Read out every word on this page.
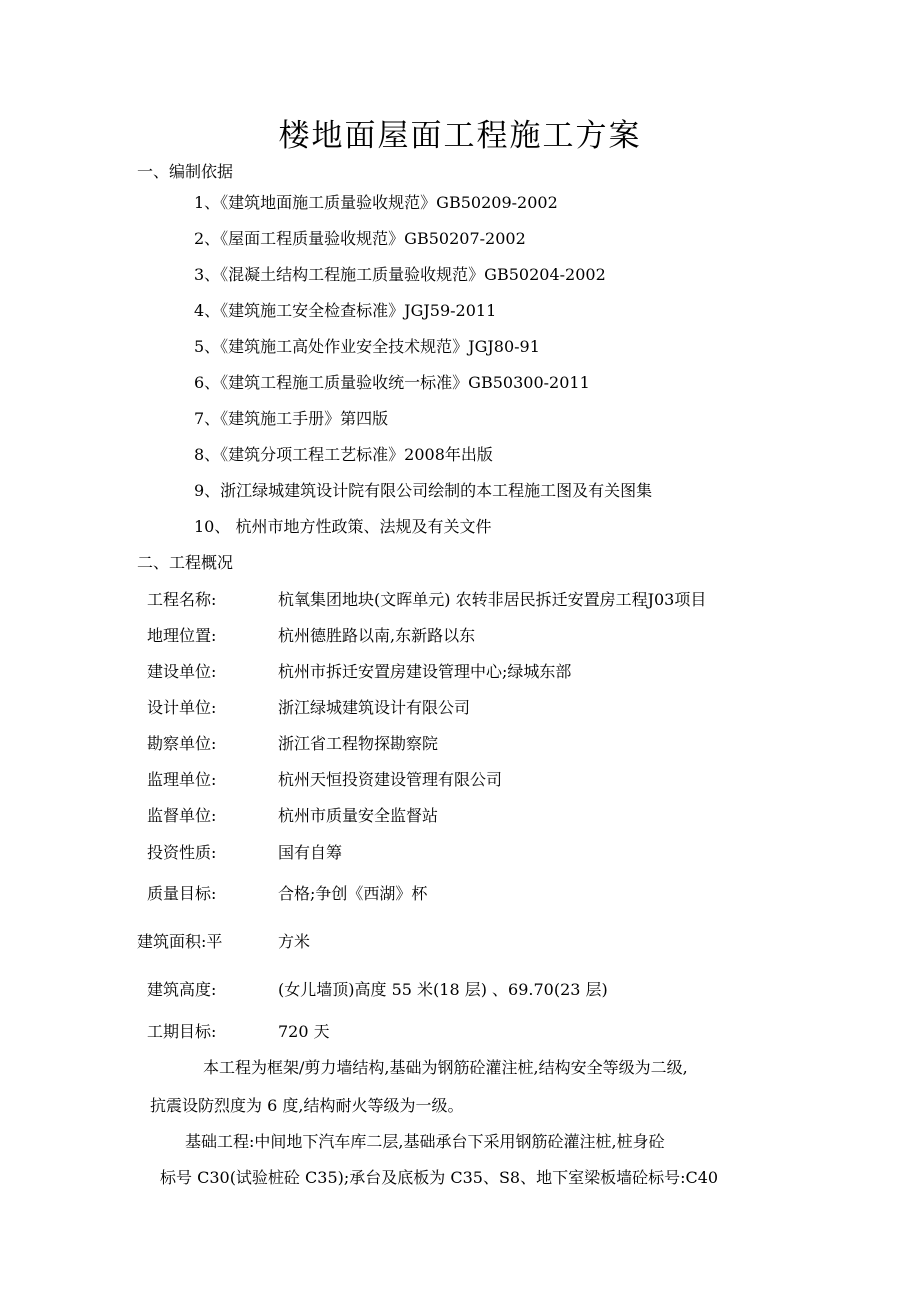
楼地面屋面工程施工方案
一、编制依据
1、《建筑地面施工质量验收规范》GB50209-2002
2、《屋面工程质量验收规范》GB50207-2002
3、《混凝土结构工程施工质量验收规范》GB50204-2002
4、《建筑施工安全检查标准》JGJ59-2011
5、《建筑施工高处作业安全技术规范》JGJ80-91
6、《建筑工程施工质量验收统一标准》GB50300-2011
7、《建筑施工手册》第四版
8、《建筑分项工程工艺标准》2008年出版
9、浙江绿城建筑设计院有限公司绘制的本工程施工图及有关图集
10、 杭州市地方性政策、法规及有关文件
二、工程概况
工程名称:	杭氧集团地块(文晖单元) 农转非居民拆迁安置房工程J03项目
地理位置:	杭州德胜路以南,东新路以东
建设单位:	杭州市拆迁安置房建设管理中心;绿城东部
设计单位:	浙江绿城建筑设计有限公司
勘察单位:	浙江省工程物探勘察院
监理单位:	杭州天恒投资建设管理有限公司
监督单位:	杭州市质量安全监督站
投资性质:	国有自筹
质量目标:	合格;争创《西湖》杯
建筑面积:平	方米
建筑高度:	(女儿墙顶)高度 55 米(18 层) 、69.70(23 层)
工期目标:	720 天
本工程为框架/剪力墙结构,基础为钢筋砼灌注桩,结构安全等级为二级,
抗震设防烈度为 6 度,结构耐火等级为一级。
基础工程:中间地下汽车库二层,基础承台下采用钢筋砼灌注桩,桩身砼
标号 C30(试验桩砼 C35);承台及底板为 C35、S8、地下室梁板墙砼标号:C40
